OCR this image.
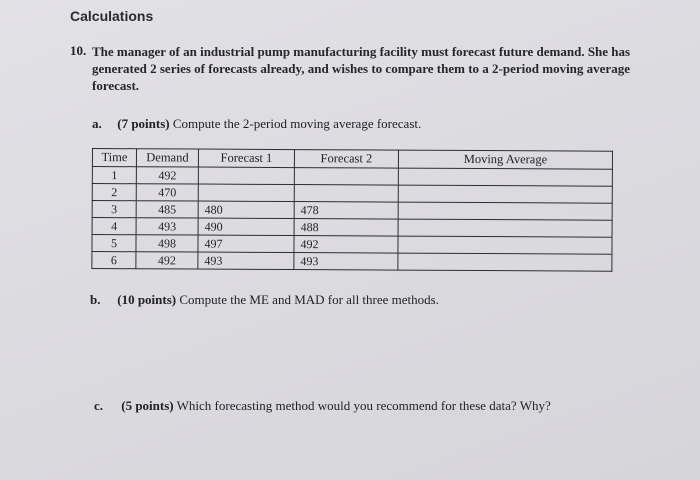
Calculations
10. The manager of an industrial pump manufacturing facility must forecast future demand. She has generated 2 series of forecasts already, and wishes to compare them to a 2-period moving average forecast.
a. (7 points) Compute the 2-period moving average forecast.
Time	Demand	Forecast 1	Forecast 2	Moving Average
1	492			
2	470			
3	485	480	478	
4	493	490	488	
5	498	497	492	
6	492	493	493	
b. (10 points) Compute the ME and MAD for all three methods.
c. (5 points) Which forecasting method would you recommend for these data? Why?
